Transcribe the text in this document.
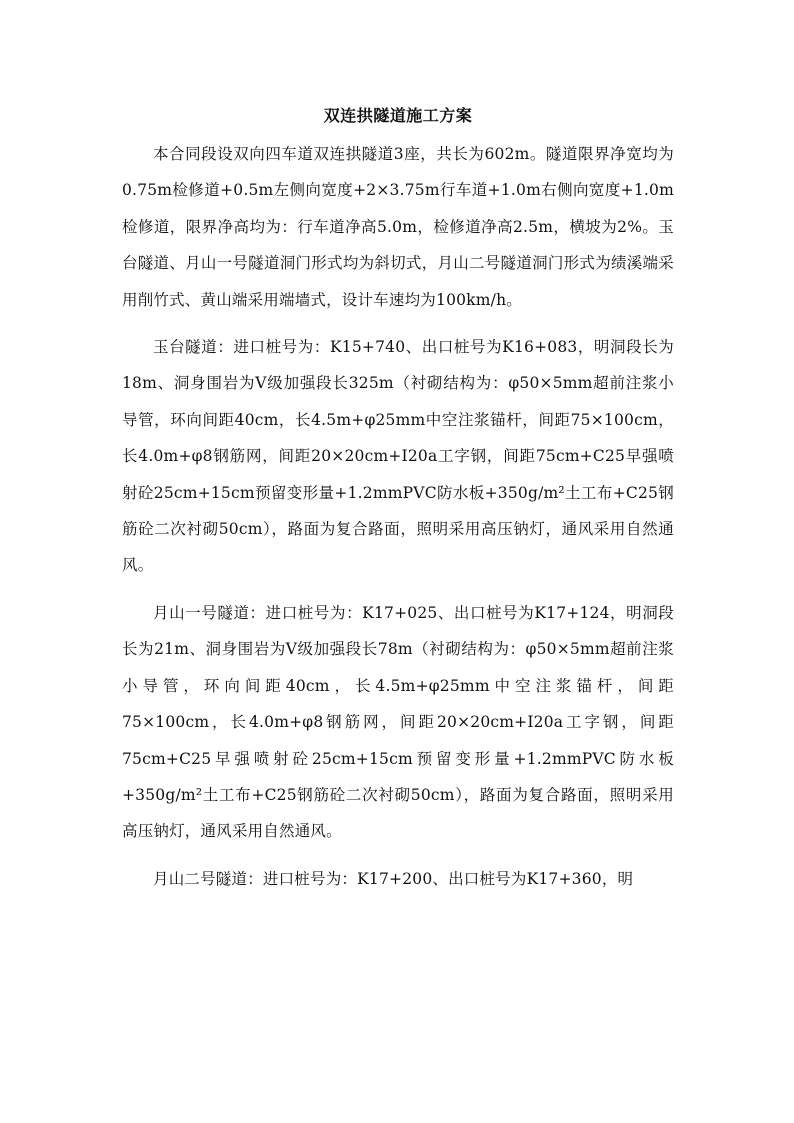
双连拱隧道施工方案

本合同段设双向四车道双连拱隧道3座，共长为602m。隧道限界净宽均为0.75m检修道+0.5m左侧向宽度+2×3.75m行车道+1.0m右侧向宽度+1.0m检修道，限界净高均为：行车道净高5.0m，检修道净高2.5m，横坡为2%。玉台隧道、月山一号隧道洞门形式均为斜切式，月山二号隧道洞门形式为绩溪端采用削竹式、黄山端采用端墙式，设计车速均为100km/h。

玉台隧道：进口桩号为：K15+740、出口桩号为K16+083，明洞段长为18m、洞身围岩为Ⅴ级加强段长325m（衬砌结构为：φ50×5mm超前注浆小导管，环向间距40cm，长4.5m+φ25mm中空注浆锚杆，间距75×100cm，长4.0m+φ8钢筋网，间距20×20cm+I20a工字钢，间距75cm+C25早强喷射砼25cm+15cm预留变形量+1.2mmPVC防水板+350g/m²土工布+C25钢筋砼二次衬砌50cm），路面为复合路面，照明采用高压钠灯，通风采用自然通风。

月山一号隧道：进口桩号为：K17+025、出口桩号为K17+124，明洞段长为21m、洞身围岩为Ⅴ级加强段长78m（衬砌结构为：φ50×5mm超前注浆小导管，环向间距40cm，长4.5m+φ25mm中空注浆锚杆，间距75×100cm，长4.0m+φ8钢筋网，间距20×20cm+I20a工字钢，间距75cm+C25早强喷射砼25cm+15cm预留变形量+1.2mmPVC防水板+350g/m²土工布+C25钢筋砼二次衬砌50cm），路面为复合路面，照明采用高压钠灯，通风采用自然通风。

月山二号隧道：进口桩号为：K17+200、出口桩号为K17+360，明
